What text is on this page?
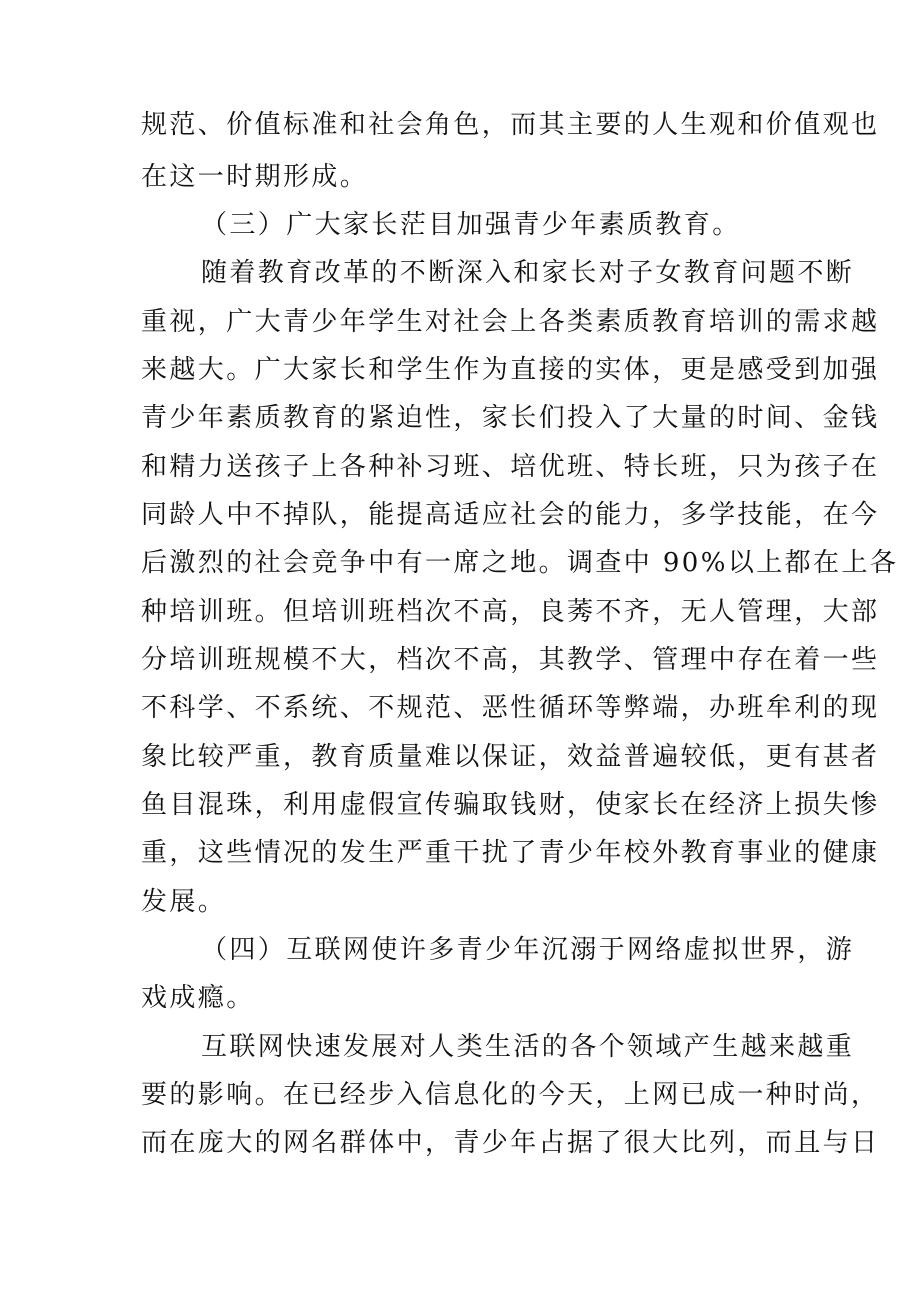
规范、价值标准和社会角色，而其主要的人生观和价值观也
在这一时期形成。
（三）广大家长茫目加强青少年素质教育。
随着教育改革的不断深入和家长对子女教育问题不断
重视，广大青少年学生对社会上各类素质教育培训的需求越
来越大。广大家长和学生作为直接的实体，更是感受到加强
青少年素质教育的紧迫性，家长们投入了大量的时间、金钱
和精力送孩子上各种补习班、培优班、特长班，只为孩子在
同龄人中不掉队，能提高适应社会的能力，多学技能，在今
后激烈的社会竞争中有一席之地。调查中 90%以上都在上各
种培训班。但培训班档次不高，良莠不齐，无人管理，大部
分培训班规模不大，档次不高，其教学、管理中存在着一些
不科学、不系统、不规范、恶性循环等弊端，办班牟利的现
象比较严重，教育质量难以保证，效益普遍较低，更有甚者
鱼目混珠，利用虚假宣传骗取钱财，使家长在经济上损失惨
重，这些情况的发生严重干扰了青少年校外教育事业的健康
发展。
（四）互联网使许多青少年沉溺于网络虚拟世界，游
戏成瘾。
互联网快速发展对人类生活的各个领域产生越来越重
要的影响。在已经步入信息化的今天，上网已成一种时尚，
而在庞大的网名群体中，青少年占据了很大比列，而且与日
